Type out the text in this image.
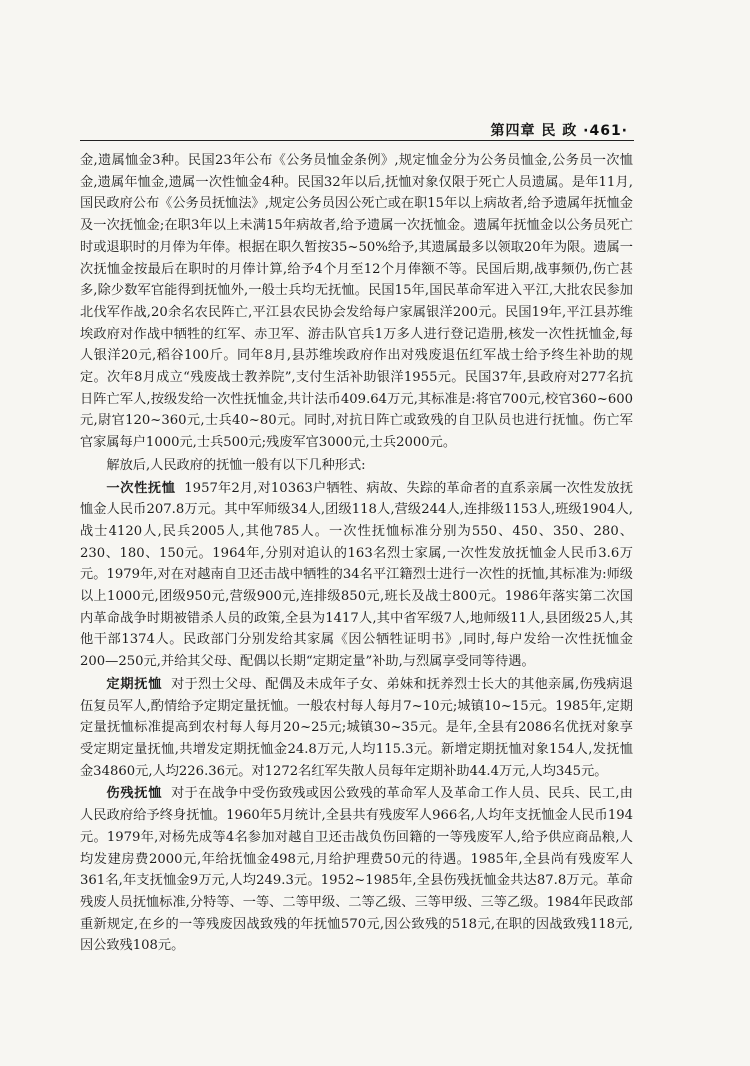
第四章 民 政 ·461·

金,遗属恤金3种。民国23年公布《公务员恤金条例》,规定恤金分为公务员恤金,公务员一次恤金,遗属年恤金,遗属一次性恤金4种。民国32年以后,抚恤对象仅限于死亡人员遗属。是年11月,国民政府公布《公务员抚恤法》,规定公务员因公死亡或在职15年以上病故者,给予遗属年抚恤金及一次抚恤金;在职3年以上未满15年病故者,给予遗属一次抚恤金。遗属年抚恤金以公务员死亡时或退职时的月俸为年俸。根据在职久暂按35~50%给予,其遗属最多以领取20年为限。遗属一次抚恤金按最后在职时的月俸计算,给予4个月至12个月俸额不等。民国后期,战事频仍,伤亡甚多,除少数军官能得到抚恤外,一般士兵均无抚恤。民国15年,国民革命军进入平江,大批农民参加北伐军作战,20余名农民阵亡,平江县农民协会发给每户家属银洋200元。民国19年,平江县苏维埃政府对作战中牺牲的红军、赤卫军、游击队官兵1万多人进行登记造册,核发一次性抚恤金,每人银洋20元,稻谷100斤。同年8月,县苏维埃政府作出对残废退伍红军战士给予终生补助的规定。次年8月成立“残废战士教养院”,支付生活补助银洋1955元。民国37年,县政府对277名抗日阵亡军人,按级发给一次性抚恤金,共计法币409.64万元,其标准是:将官700元,校官360~600元,尉官120~360元,士兵40~80元。同时,对抗日阵亡或致残的自卫队员也进行抚恤。伤亡军官家属每户1000元,士兵500元;残废军官3000元,士兵2000元。

解放后,人民政府的抚恤一般有以下几种形式:

一次性抚恤 1957年2月,对10363户牺牲、病故、失踪的革命者的直系亲属一次性发放抚恤金人民币207.8万元。其中军师级34人,团级118人,营级244人,连排级1153人,班级1904人,战士4120人,民兵2005人,其他785人。一次性抚恤标准分别为550、450、350、280、230、180、150元。1964年,分别对追认的163名烈士家属,一次性发放抚恤金人民币3.6万元。1979年,对在对越南自卫还击战中牺牲的34名平江籍烈士进行一次性的抚恤,其标准为:师级以上1000元,团级950元,营级900元,连排级850元,班长及战士800元。1986年落实第二次国内革命战争时期被错杀人员的政策,全县为1417人,其中省军级7人,地师级11人,县团级25人,其他干部1374人。民政部门分别发给其家属《因公牺牲证明书》,同时,每户发给一次性抚恤金200—250元,并给其父母、配偶以长期“定期定量”补助,与烈属享受同等待遇。

定期抚恤 对于烈士父母、配偶及未成年子女、弟妹和抚养烈士长大的其他亲属,伤残病退伍复员军人,酌情给予定期定量抚恤。一般农村每人每月7~10元;城镇10~15元。1985年,定期定量抚恤标准提高到农村每人每月20~25元;城镇30~35元。是年,全县有2086名优抚对象享受定期定量抚恤,共增发定期抚恤金24.8万元,人均115.3元。新增定期抚恤对象154人,发抚恤金34860元,人均226.36元。对1272名红军失散人员每年定期补助44.4万元,人均345元。

伤残抚恤 对于在战争中受伤致残或因公致残的革命军人及革命工作人员、民兵、民工,由人民政府给予终身抚恤。1960年5月统计,全县共有残废军人966名,人均年支抚恤金人民币194元。1979年,对杨先成等4名参加对越自卫还击战负伤回籍的一等残废军人,给予供应商品粮,人均发建房费2000元,年给抚恤金498元,月给护理费50元的待遇。1985年,全县尚有残废军人361名,年支抚恤金9万元,人均249.3元。1952~1985年,全县伤残抚恤金共达87.8万元。革命残废人员抚恤标准,分特等、一等、二等甲级、二等乙级、三等甲级、三等乙级。1984年民政部重新规定,在乡的一等残废因战致残的年抚恤570元,因公致残的518元,在职的因战致残118元,因公致残108元。
